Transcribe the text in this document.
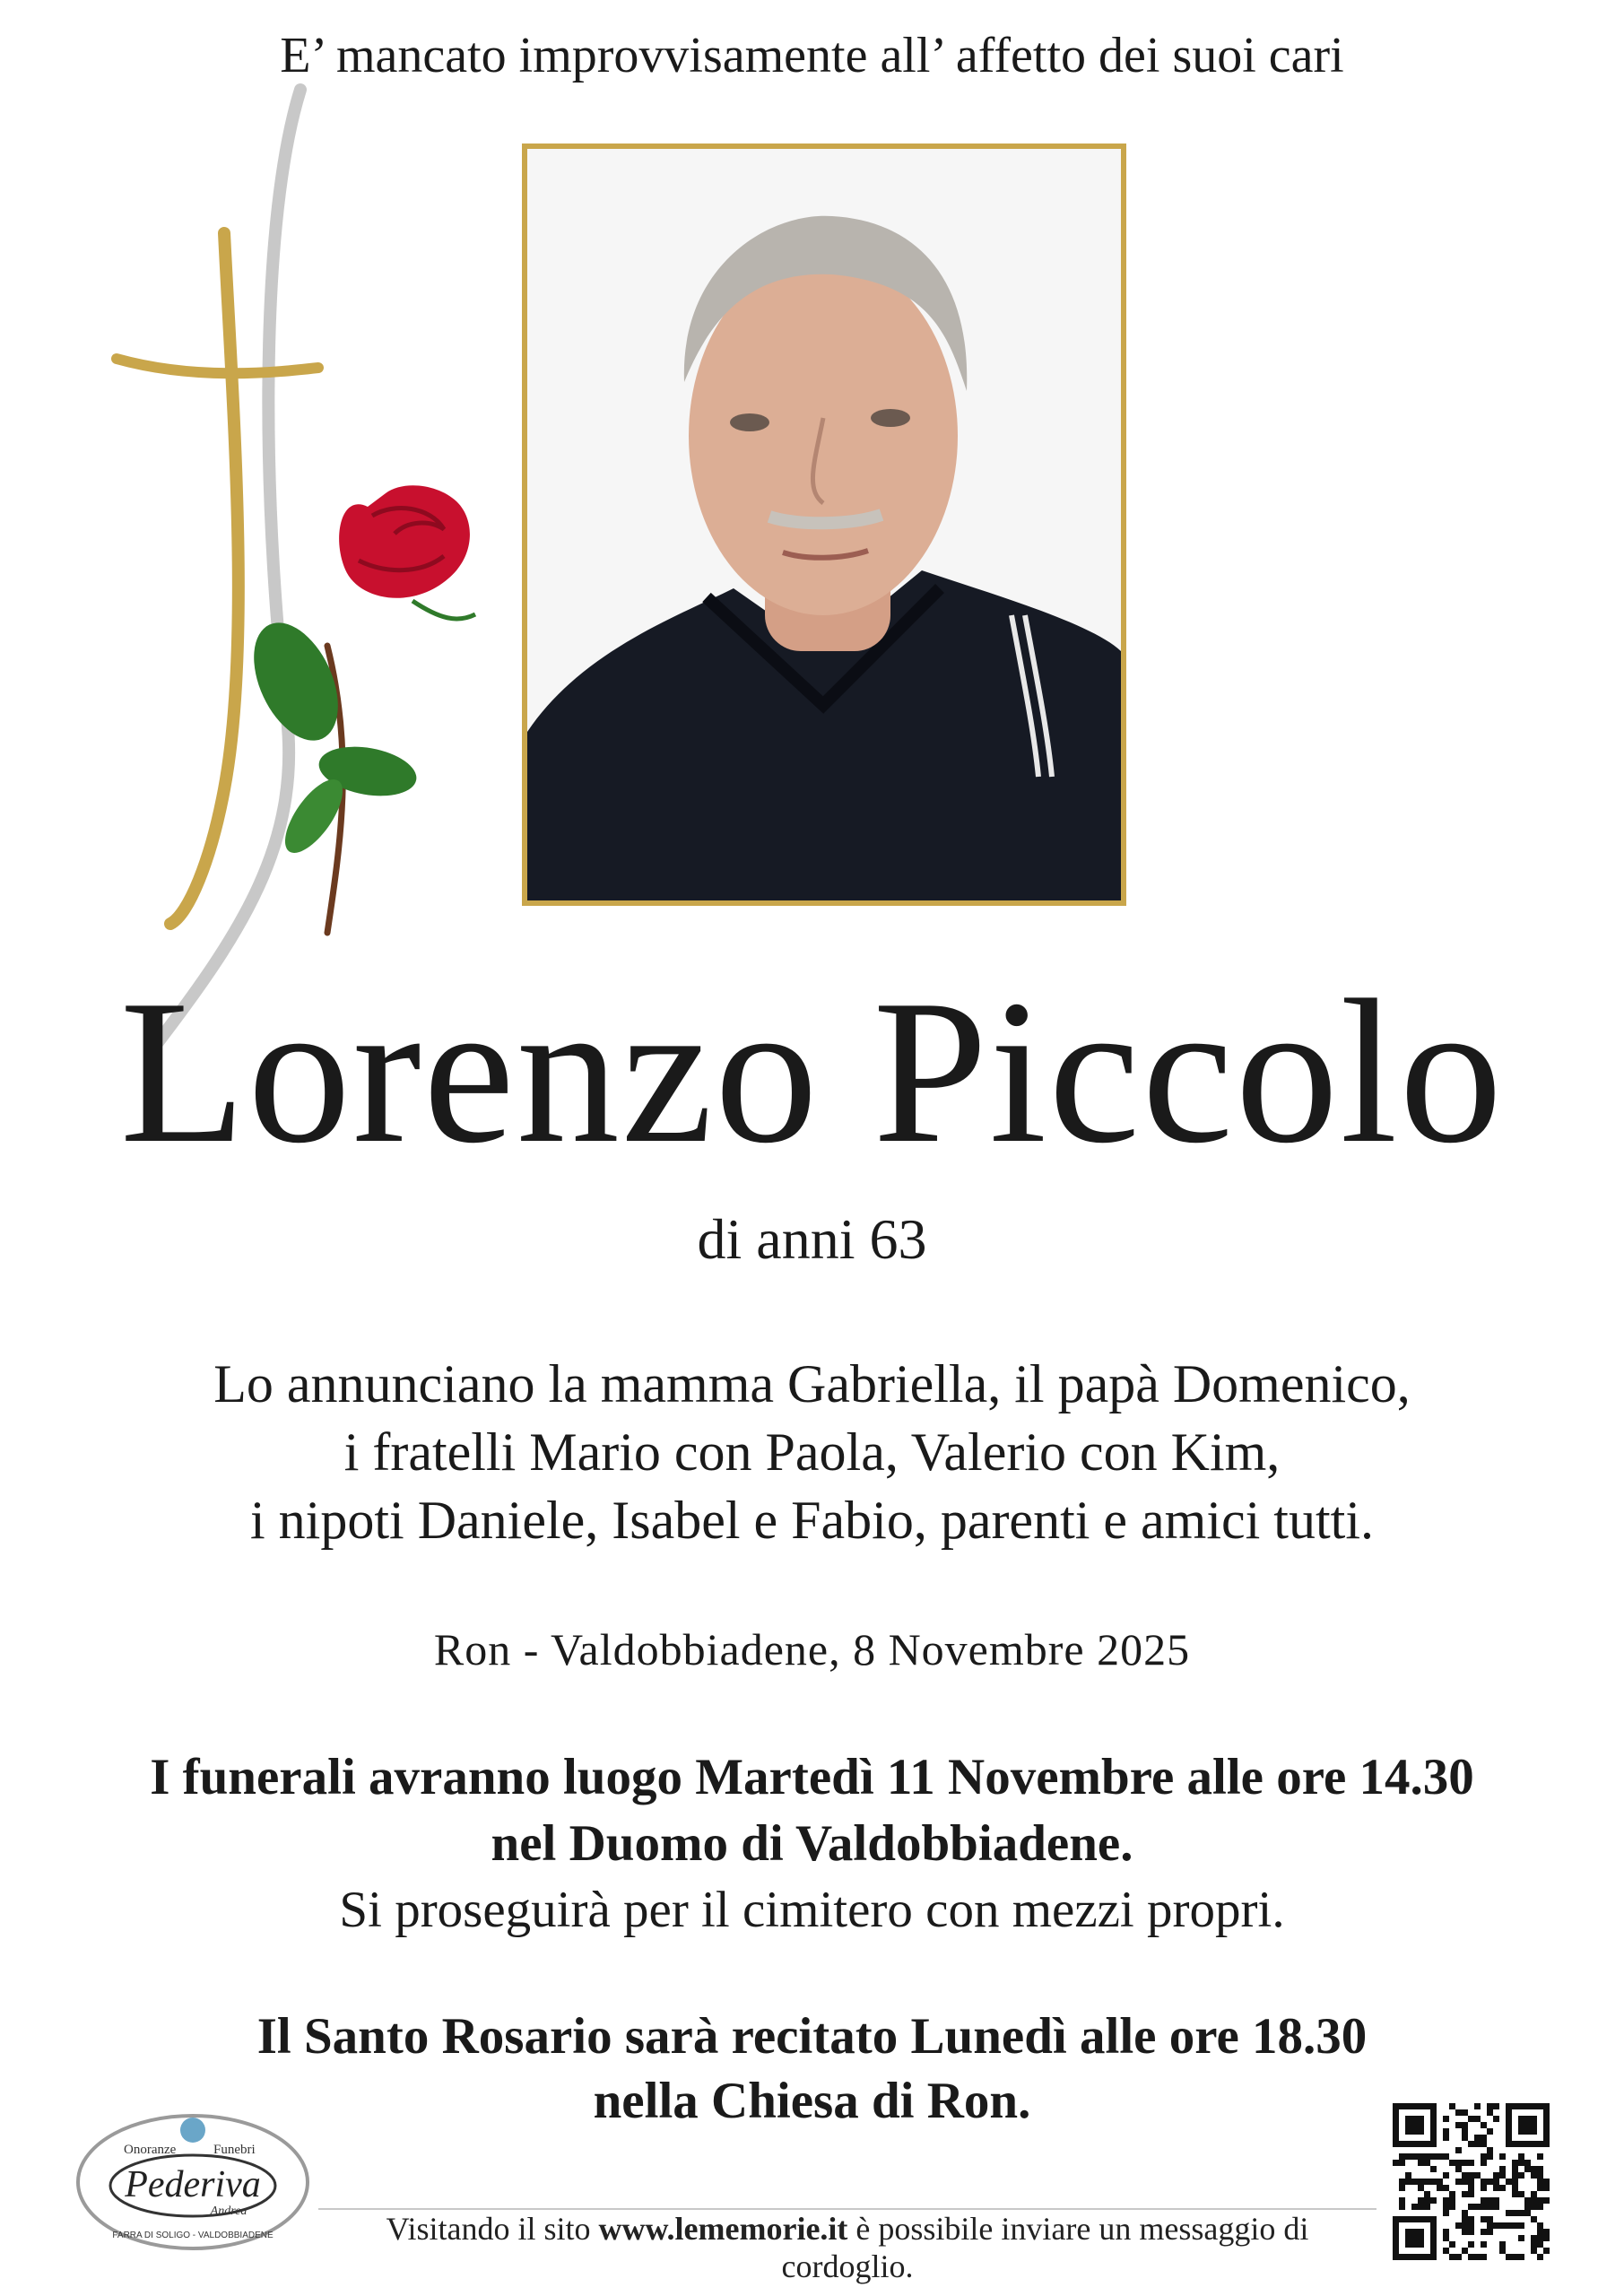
E’ mancato improvvisamente all’ affetto dei suoi cari
Lorenzo Piccolo
di anni 63
Lo annunciano la mamma Gabriella, il papà Domenico,
i fratelli Mario con Paola, Valerio con Kim,
i nipoti Daniele, Isabel e Fabio, parenti e amici tutti.
Ron - Valdobbiadene, 8 Novembre 2025
I funerali avranno luogo Martedì 11 Novembre alle ore 14.30
nel Duomo di Valdobbiadene.
Si proseguirà per il cimitero con mezzi propri.
Il Santo Rosario sarà recitato Lunedì alle ore 18.30
nella Chiesa di Ron.
Onoranze	Funebri
Pederiva
Andrea
FARRA DI SOLIGO - VALDOBBIADENE	Visitando il sito www.lememorie.it è possibile inviare un messaggio di cordoglio.
